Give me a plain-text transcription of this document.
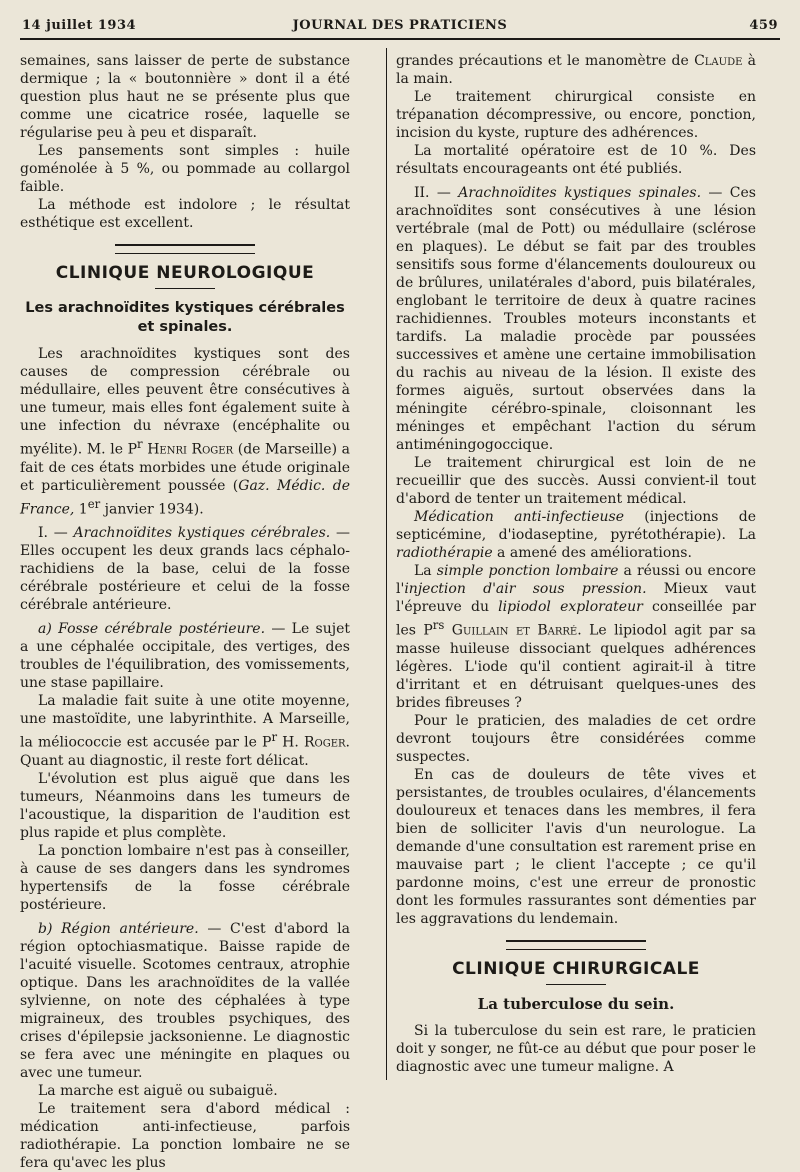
14 juillet 1934	JOURNAL DES PRATICIENS	459

semaines, sans laisser de perte de substance dermique ; la « boutonnière » dont il a été question plus haut ne se présente plus que comme une cicatrice rosée, laquelle se régularise peu à peu et disparaît.

Les pansements sont simples : huile goménolée à 5 %, ou pommade au collargol faible.

La méthode est indolore ; le résultat esthétique est excellent.

CLINIQUE NEUROLOGIQUE
Les arachnoïdites kystiques cérébrales et spinales.

Les arachnoïdites kystiques sont des causes de compression cérébrale ou médullaire, elles peuvent être consécutives à une tumeur, mais elles font également suite à une infection du névraxe (encéphalite ou myélite). M. le $P^r$ Henri Roger (de Marseille) a fait de ces états morbides une étude originale et particulièrement poussée (Gaz. Médic. de France, 1er janvier 1934).

I. — Arachnoïdites kystiques cérébrales. — Elles occupent les deux grands lacs céphalo-rachidiens de la base, celui de la fosse cérébrale postérieure et celui de la fosse cérébrale antérieure.

a) Fosse cérébrale postérieure. — Le sujet a une céphalée occipitale, des vertiges, des troubles de l'équilibration, des vomissements, une stase papillaire.

La maladie fait suite à une otite moyenne, une mastoïdite, une labyrinthite. A Marseille, la méliococcie est accusée par le $P^r$ H. Roger. Quant au diagnostic, il reste fort délicat.

L'évolution est plus aiguë que dans les tumeurs, Néanmoins dans les tumeurs de l'acoustique, la disparition de l'audition est plus rapide et plus complète.

La ponction lombaire n'est pas à conseiller, à cause de ses dangers dans les syndromes hypertensifs de la fosse cérébrale postérieure.

b) Région antérieure. — C'est d'abord la région optochiasmatique. Baisse rapide de l'acuité visuelle. Scotomes centraux, atrophie optique. Dans les arachnoïdites de la vallée sylvienne, on note des céphalées à type migraineux, des troubles psychiques, des crises d'épilepsie jacksonienne. Le diagnostic se fera avec une méningite en plaques ou avec une tumeur.

La marche est aiguë ou subaiguë.

Le traitement sera d'abord médical : médication anti-infectieuse, parfois radiothérapie. La ponction lombaire ne se fera qu'avec les plus

grandes précautions et le manomètre de Claude à la main.

Le traitement chirurgical consiste en trépanation décompressive, ou encore, ponction, incision du kyste, rupture des adhérences.

La mortalité opératoire est de 10 %. Des résultats encourageants ont été publiés.

II. — Arachnoïdites kystiques spinales. — Ces arachnoïdites sont consécutives à une lésion vertébrale (mal de Pott) ou médullaire (sclérose en plaques). Le début se fait par des troubles sensitifs sous forme d'élancements douloureux ou de brûlures, unilatérales d'abord, puis bilatérales, englobant le territoire de deux à quatre racines rachidiennes. Troubles moteurs inconstants et tardifs. La maladie procède par poussées successives et amène une certaine immobilisation du rachis au niveau de la lésion. Il existe des formes aiguës, surtout observées dans la méningite cérébro-spinale, cloisonnant les méninges et empêchant l'action du sérum antiméningogoccique.

Le traitement chirurgical est loin de ne recueillir que des succès. Aussi convient-il tout d'abord de tenter un traitement médical.

Médication anti-infectieuse (injections de septicémine, d'iodaseptine, pyrétothérapie). La radiothérapie a amené des améliorations.

La simple ponction lombaire a réussi ou encore l'injection d'air sous pression. Mieux vaut l'épreuve du lipiodol explorateur conseillée par les $P^{rs}$ Guillain et Barré. Le lipiodol agit par sa masse huileuse dissociant quelques adhérences légères. L'iode qu'il contient agirait-il à titre d'irritant et en détruisant quelques-unes des brides fibreuses ?

Pour le praticien, des maladies de cet ordre devront toujours être considérées comme suspectes.

En cas de douleurs de tête vives et persistantes, de troubles oculaires, d'élancements douloureux et tenaces dans les membres, il fera bien de solliciter l'avis d'un neurologue. La demande d'une consultation est rarement prise en mauvaise part ; le client l'accepte ; ce qu'il pardonne moins, c'est une erreur de pronostic dont les formules rassurantes sont démenties par les aggravations du lendemain.

CLINIQUE CHIRURGICALE
La tuberculose du sein.

Si la tuberculose du sein est rare, le praticien doit y songer, ne fût-ce au début que pour poser le diagnostic avec une tumeur maligne. A
